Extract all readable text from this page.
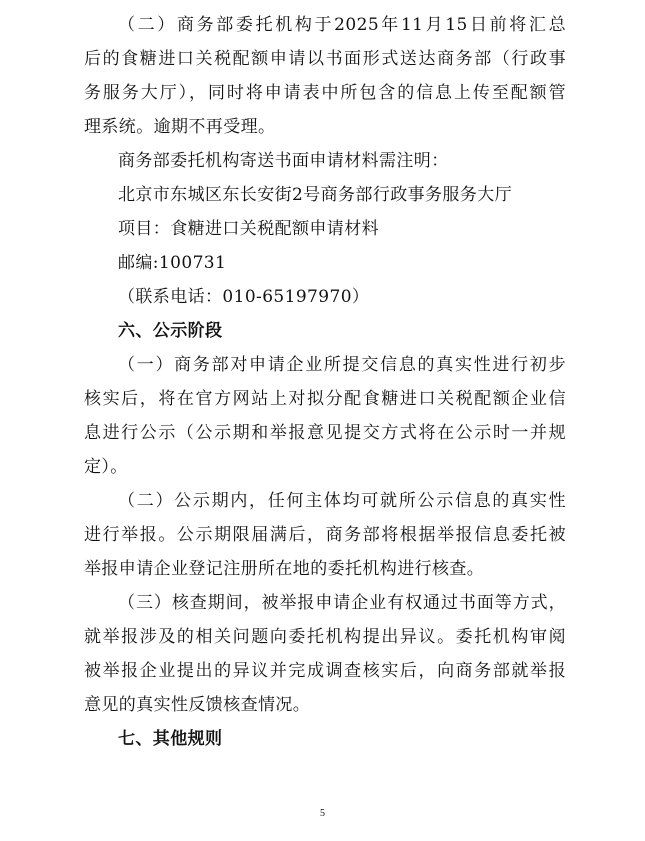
（二）商务部委托机构于2025年11月15日前将汇总
后的食糖进口关税配额申请以书面形式送达商务部（行政事
务服务大厅），同时将申请表中所包含的信息上传至配额管
理系统。逾期不再受理。
商务部委托机构寄送书面申请材料需注明：
北京市东城区东长安街2号商务部行政事务服务大厅
项目：食糖进口关税配额申请材料
邮编:100731
（联系电话：010-65197970）
六、公示阶段
（一）商务部对申请企业所提交信息的真实性进行初步
核实后，将在官方网站上对拟分配食糖进口关税配额企业信
息进行公示（公示期和举报意见提交方式将在公示时一并规
定）。
（二）公示期内，任何主体均可就所公示信息的真实性
进行举报。公示期限届满后，商务部将根据举报信息委托被
举报申请企业登记注册所在地的委托机构进行核查。
（三）核查期间，被举报申请企业有权通过书面等方式，
就举报涉及的相关问题向委托机构提出异议。委托机构审阅
被举报企业提出的异议并完成调查核实后，向商务部就举报
意见的真实性反馈核查情况。
七、其他规则
5
